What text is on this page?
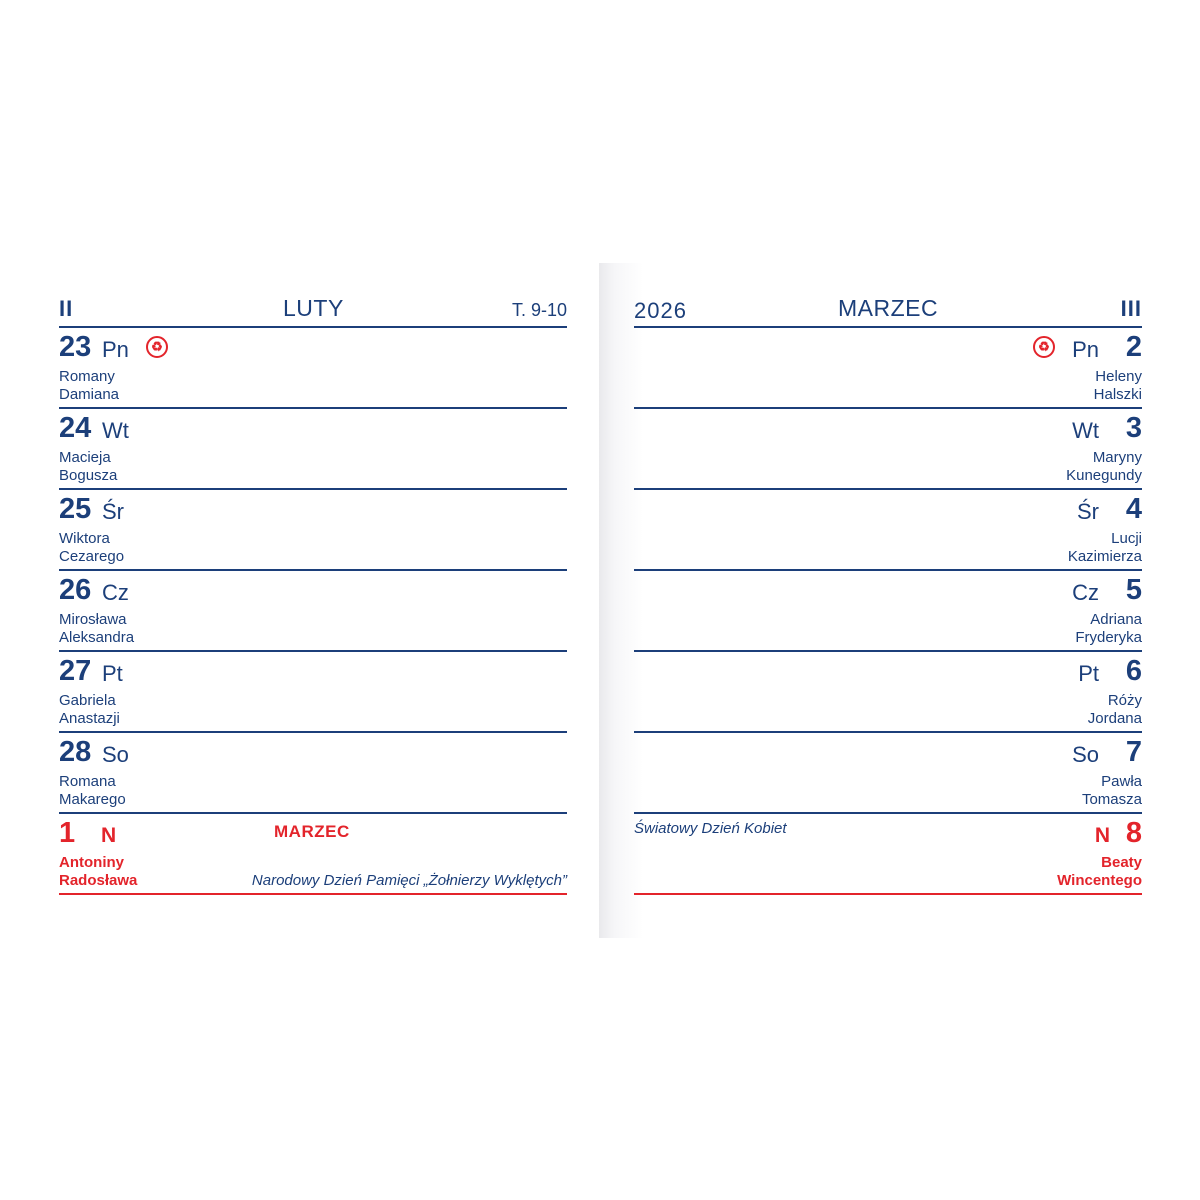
II	LUTY	T. 9-10
23 Pn	♻
Romany
Damiana
24 Wt
Macieja
Bogusza
25 Śr
Wiktora
Cezarego
26 Cz
Mirosława
Aleksandra
27 Pt
Gabriela
Anastazji
28 So
Romana
Makarego
1 N	MARZEC
Antoniny
Radosława	Narodowy Dzień Pamięci „Żołnierzy Wyklętych”
2026	MARZEC	III
♻ Pn 2
Heleny
Halszki
Wt 3
Maryny
Kunegundy
Śr 4
Lucji
Kazimierza
Cz 5
Adriana
Fryderyka
Pt 6
Róży
Jordana
So 7
Pawła
Tomasza
Światowy Dzień Kobiet	N 8
Beaty
Wincentego
